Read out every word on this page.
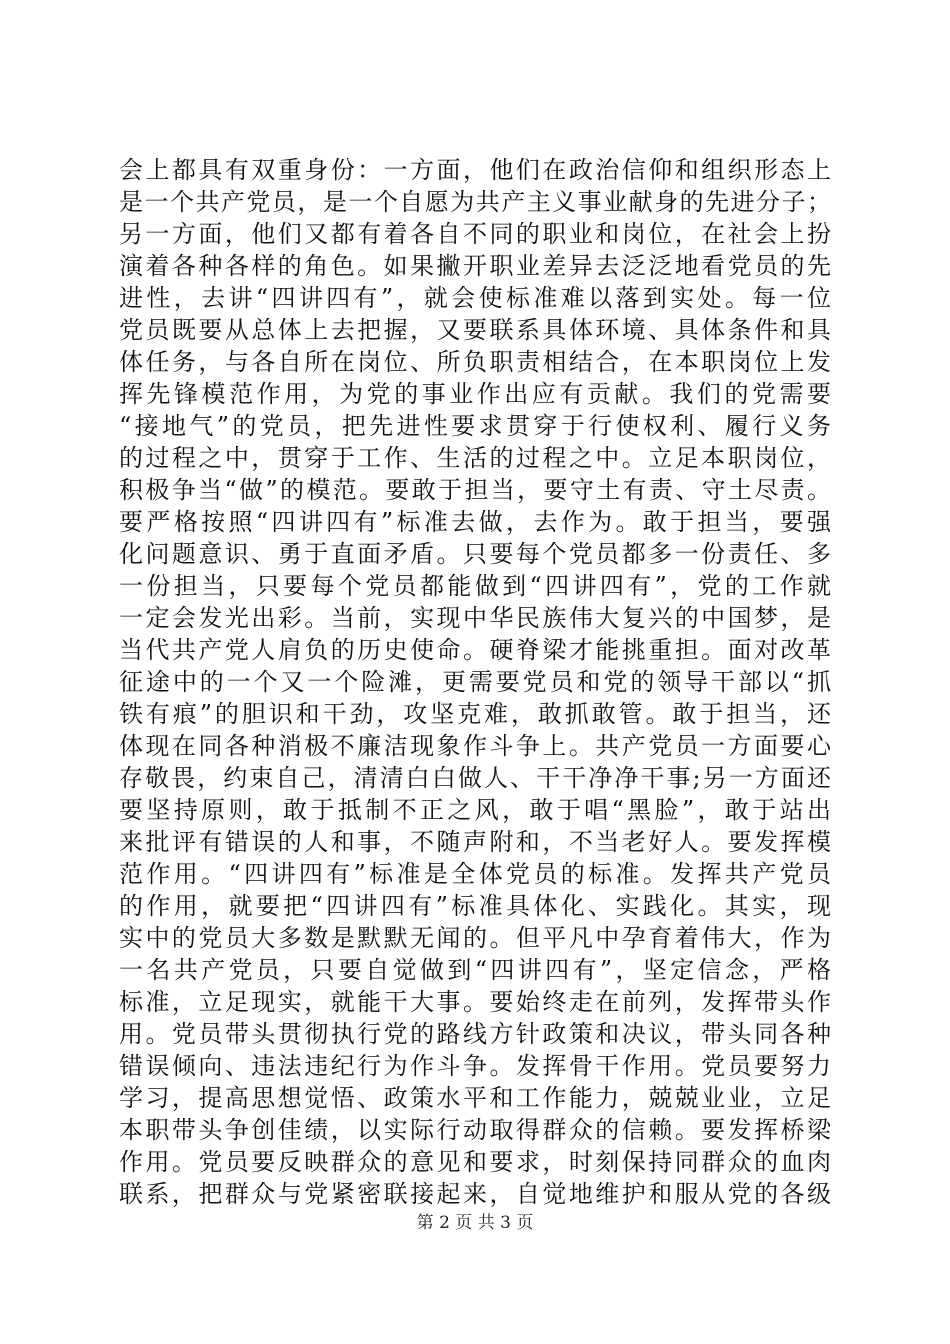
会上都具有双重身份：一方面，他们在政治信仰和组织形态上
是一个共产党员，是一个自愿为共产主义事业献身的先进分子；
另一方面，他们又都有着各自不同的职业和岗位，在社会上扮
演着各种各样的角色。如果撇开职业差异去泛泛地看党员的先
进性，去讲“四讲四有”，就会使标准难以落到实处。每一位
党员既要从总体上去把握，又要联系具体环境、具体条件和具
体任务，与各自所在岗位、所负职责相结合，在本职岗位上发
挥先锋模范作用，为党的事业作出应有贡献。我们的党需要
“接地气”的党员，把先进性要求贯穿于行使权利、履行义务
的过程之中，贯穿于工作、生活的过程之中。立足本职岗位，
积极争当“做”的模范。要敢于担当，要守土有责、守土尽责。
要严格按照“四讲四有”标准去做，去作为。敢于担当，要强
化问题意识、勇于直面矛盾。只要每个党员都多一份责任、多
一份担当，只要每个党员都能做到“四讲四有”，党的工作就
一定会发光出彩。当前，实现中华民族伟大复兴的中国梦，是
当代共产党人肩负的历史使命。硬脊梁才能挑重担。面对改革
征途中的一个又一个险滩，更需要党员和党的领导干部以“抓
铁有痕”的胆识和干劲，攻坚克难，敢抓敢管。敢于担当，还
体现在同各种消极不廉洁现象作斗争上。共产党员一方面要心
存敬畏，约束自己，清清白白做人、干干净净干事;另一方面还
要坚持原则，敢于抵制不正之风，敢于唱“黑脸”，敢于站出
来批评有错误的人和事，不随声附和，不当老好人。要发挥模
范作用。“四讲四有”标准是全体党员的标准。发挥共产党员
的作用，就要把“四讲四有”标准具体化、实践化。其实，现
实中的党员大多数是默默无闻的。但平凡中孕育着伟大，作为
一名共产党员，只要自觉做到“四讲四有”，坚定信念，严格
标准，立足现实，就能干大事。要始终走在前列，发挥带头作
用。党员带头贯彻执行党的路线方针政策和决议，带头同各种
错误倾向、违法违纪行为作斗争。发挥骨干作用。党员要努力
学习，提高思想觉悟、政策水平和工作能力，兢兢业业，立足
本职带头争创佳绩，以实际行动取得群众的信赖。要发挥桥梁
作用。党员要反映群众的意见和要求，时刻保持同群众的血肉
联系，把群众与党紧密联接起来，自觉地维护和服从党的各级
第 2 页 共 3 页
